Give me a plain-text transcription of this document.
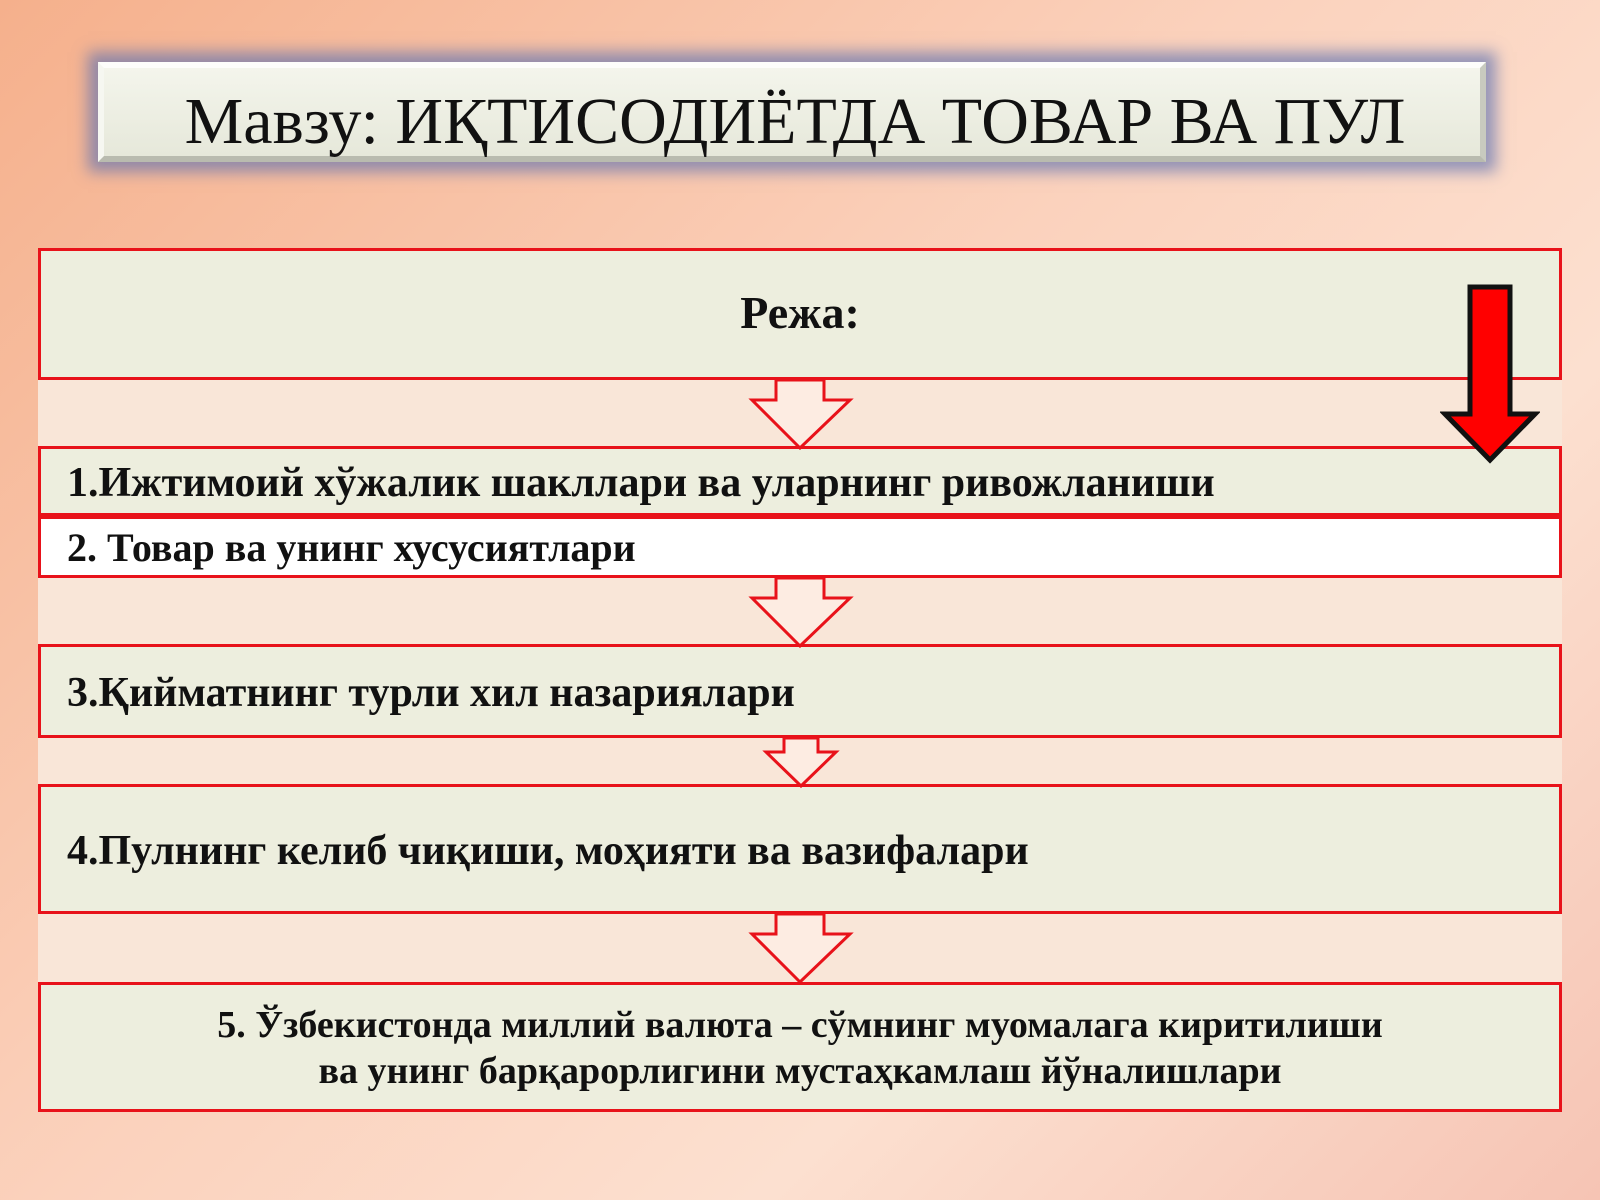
Мавзу: ИҚТИСОДИЁТДА ТОВАР ВА ПУЛ
Режа:
1.Ижтимоий хўжалик шакллари ва уларнинг ривожланиши
2. Товар ва унинг хусусиятлари
3.Қийматнинг турли хил назариялари
4.Пулнинг келиб чиқиши, моҳияти ва вазифалари
5. Ўзбекистонда миллий валюта – сўмнинг муомалага киритилиши
ва унинг барқарорлигини мустаҳкамлаш йўналишлари
